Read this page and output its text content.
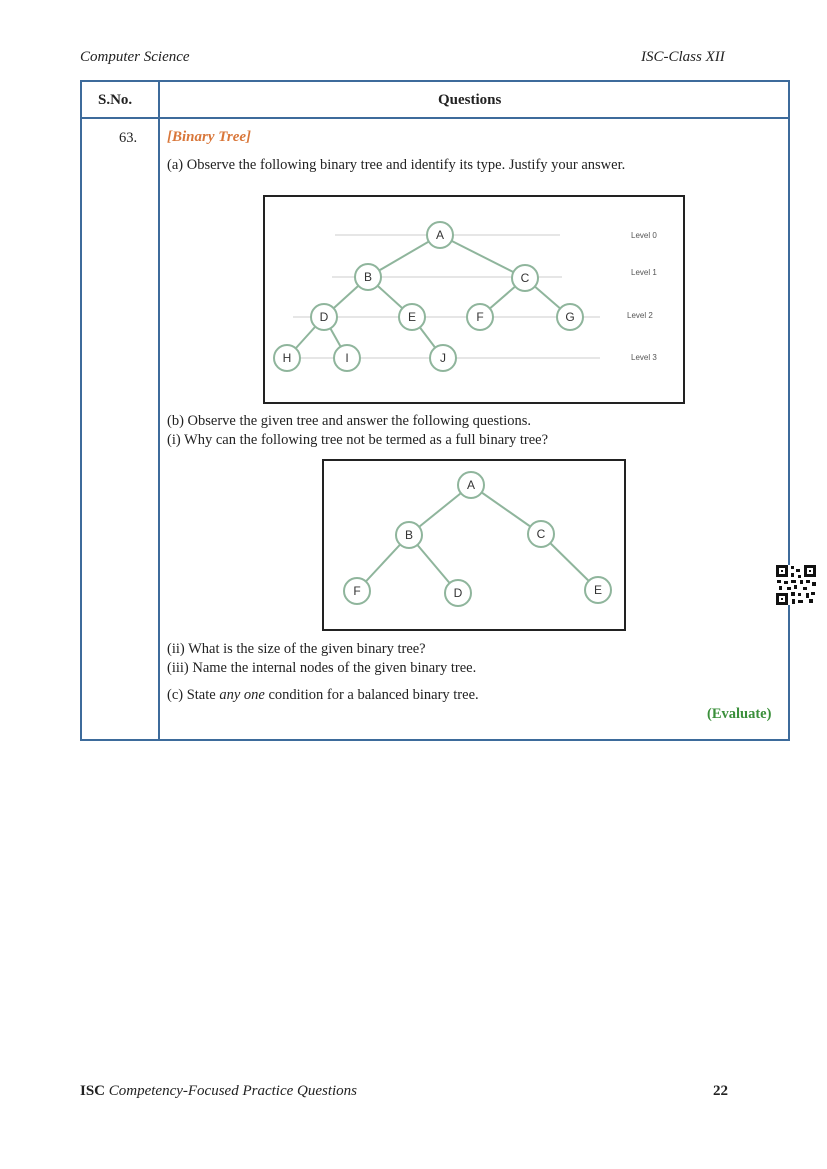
Computer Science	ISC-Class XII
S.No.	Questions
63. [Binary Tree]
(a) Observe the following binary tree and identify its type. Justify your answer.
A
B	C
D	E	F	G
H	I	J
Level 0
Level 1
Level 2
Level 3
(b) Observe the given tree and answer the following questions.
(i) Why can the following tree not be termed as a full binary tree?
A
B	C
F	D	E
(ii) What is the size of the given binary tree?
(iii) Name the internal nodes of the given binary tree.
(c) State any one condition for a balanced binary tree.
(Evaluate)
ISC Competency-Focused Practice Questions	22
